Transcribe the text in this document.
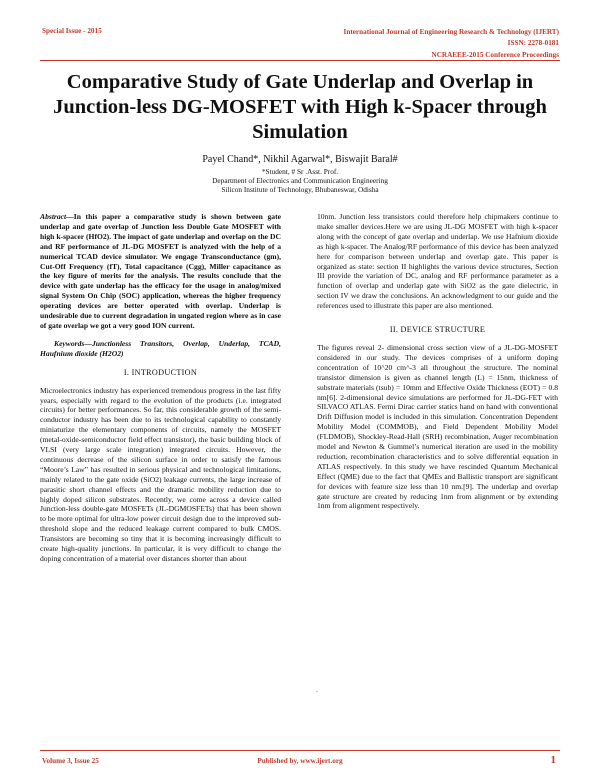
Special Issue - 2015	International Journal of Engineering Research & Technology (IJERT)
ISSN: 2278-0181
NCRAEEE-2015 Conference Proceedings
Comparative Study of Gate Underlap and Overlap in Junction-less DG-MOSFET with High k-Spacer through Simulation
Payel Chand*, Nikhil Agarwal*, Biswajit Baral#
*Student, # Sr .Asst. Prof.
Department of Electronics and Communication Engineering
Silicon Institute of Technology, Bhubaneswar, Odisha

Abstract—In this paper a comparative study is shown between gate underlap and gate overlap of Junction less Double Gate MOSFET with high k-spacer (HfO2). The impact of gate underlap and overlap on the DC and RF performance of JL-DG MOSFET is analyzed with the help of a numerical TCAD device simulator. We engage Transconductance (gm), Cut-Off Frequency (fT), Total capacitance (Cgg), Miller capacitance as the key figure of merits for the analysis. The results conclude that the device with gate underlap has the efficacy for the usage in analog/mixed signal System On Chip (SOC) application, whereas the higher frequency operating devices are better operated with overlap. Underlap is undesirable due to current degradation in ungated region where as in case of gate overlap we got a very good ION current.

Keywords—Junctionless Transitors, Overlap, Underlap, TCAD, Haufnium dioxide (H2O2)

I. INTRODUCTION

Microelectronics industry has experienced tremendous progress in the last fifty years, especially with regard to the evolution of the products (i.e. integrated circuits) for better performances. So far, this considerable growth of the semi-conductor industry has been due to its technological capability to constantly miniaturize the elementary components of circuits, namely the MOSFET (metal-oxide-semiconductor field effect transistor), the basic building block of VLSI (very large scale integration) integrated circuits. However, the continuous decrease of the silicon surface in order to satisfy the famous “Moore’s Law” has resulted in serious physical and technological limitations, mainly related to the gate oxide (SiO2) leakage currents, the large increase of parasitic short channel effects and the dramatic mobility reduction due to highly doped silicon substrates. Recently, we come across a device called Junction-less double-gate MOSFETs (JL-DGMOSFETs) that has been shown to be more optimal for ultra-low power circuit design due to the improved sub-threshold slope and the reduced leakage current compared to bulk CMOS. Transistors are becoming so tiny that it is becoming increasingly difficult to create high-quality junctions. In particular, it is very difficult to change the doping concentration of a material over distances shorter than about

10nm. Junction less transistors could therefore help chipmakers continue to make smaller devices.Here we are using JL-DG MOSFET with high k-spacer along with the concept of gate overlap and underlap. We use Hafnium dioxide as high k-spacer. The Analog/RF performance of this device has been analyzed here for comparison between underlap and overlap gate. This paper is organized as state: section II highlights the various device structures, Section III provide the variation of DC, analog and RF performance parameter as a function of overlap and underlap gate with SiO2 as the gate dielectric, in section IV we draw the conclusions. An acknowledgment to our guide and the references used to illustrate this paper are also mentioned.

II. DEVICE STRUCTURE

The figures reveal 2- dimensional cross section view of a JL-DG-MOSFET considered in our study. The devices comprises of a uniform doping concentration of 10^20 cm^-3 all throughout the structure. The nominal transistor dimension is given as channel length (L) = 15nm, thickness of substrate materials (tsub) = 10mm and Effective Oxide Thickness (EOT) = 0.8 nm[6]. 2-dimensional device simulations are performed for JL-DG-FET with SILVACO ATLAS. Fermi Dirac carrier statics hand on hand with conventional Drift Diffusion model is included in this simulation. Concentration Dependent Mobility Model (COMMOB), and Field Dependent Mobility Model (FLDMOB), Shockley-Read-Hall (SRH) recombination, Auger recombination model and Newton & Gummel’s numerical iteration are used in the mobility reduction, recombination characteristics and to solve differential equation in ATLAS respectively. In this study we have rescinded Quantum Mechanical Effect (QME) due to the fact that QMEs and Ballistic transport are significant for devices with feature size less than 10 nm.[9]. The underlap and overlap gate structure are created by reducing 1nm from alignment or by extending 1nm from alignment respectively.

.
Volume 3, Issue 25	Published by, www.ijert.org	1
